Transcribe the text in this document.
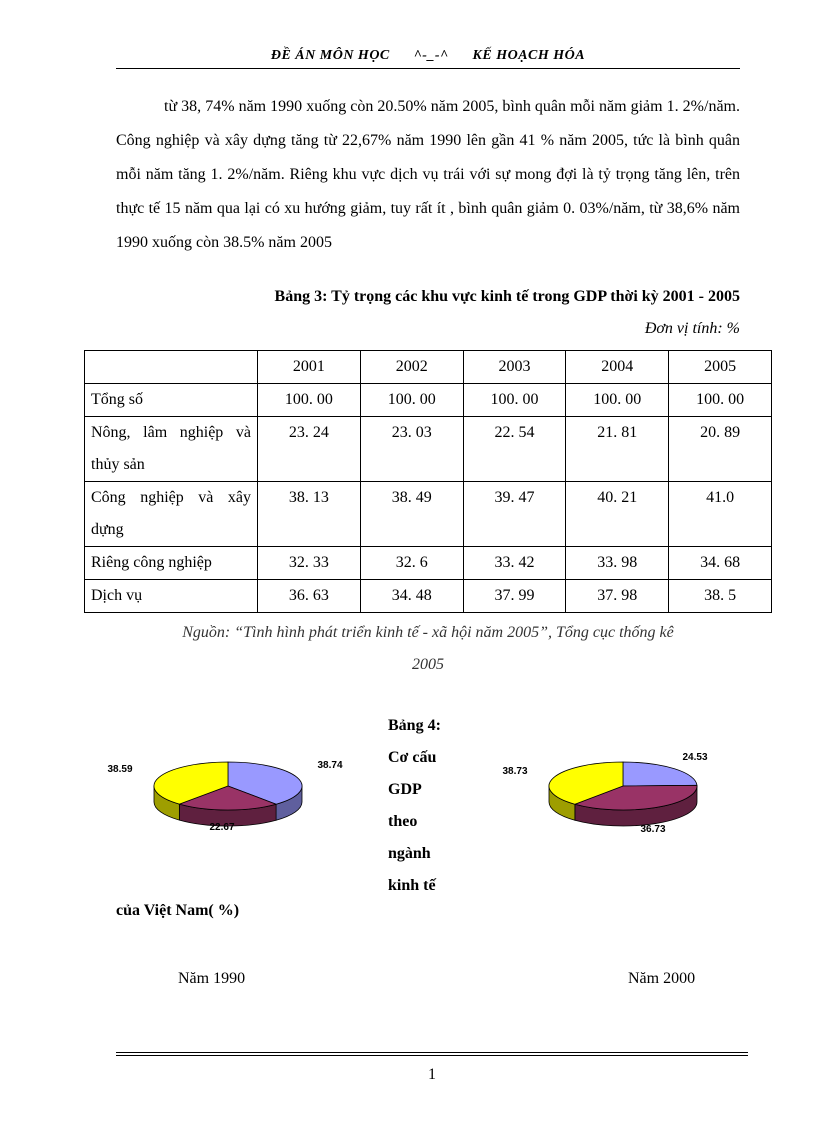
ĐỀ ÁN MÔN HỌC ^-_-^ KẾ HOẠCH HÓA
từ 38, 74% năm 1990 xuống còn 20.50% năm 2005, bình quân mỗi năm giảm 1. 2%/năm. Công nghiệp và xây dựng tăng từ 22,67% năm 1990 lên gần 41 % năm 2005, tức là bình quân mỗi năm tăng 1. 2%/năm. Riêng khu vực dịch vụ trái với sự mong đợi là tỷ trọng tăng lên, trên thực tế 15 năm qua lại có xu hướng giảm, tuy rất ít , bình quân giảm 0. 03%/năm, từ 38,6% năm 1990 xuống còn 38.5% năm 2005
Bảng 3: Tỷ trọng các khu vực kinh tế trong GDP thời kỳ 2001 - 2005
Đơn vị tính: %
	2001	2002	2003	2004	2005
Tổng số	100. 00	100. 00	100. 00	100. 00	100. 00
Nông, lâm nghiệp và thủy sản	23. 24	23. 03	22. 54	21. 81	20. 89
Công nghiệp và xây dựng	38. 13	38. 49	39. 47	40. 21	41.0
Riêng công nghiệp	32. 33	32. 6	33. 42	33. 98	34. 68
Dịch vụ	36. 63	34. 48	37. 99	37. 98	38. 5
Nguồn: “Tình hình phát triển kinh tế - xã hội năm 2005”, Tổng cục thống kê
2005
Bảng 4:
Cơ cấu
GDP
theo
ngành
kinh tế
của Việt Nam( %)
38.74
22.67
38.59
24.53
36.73
38.73
Năm 1990	Năm 2000
1
